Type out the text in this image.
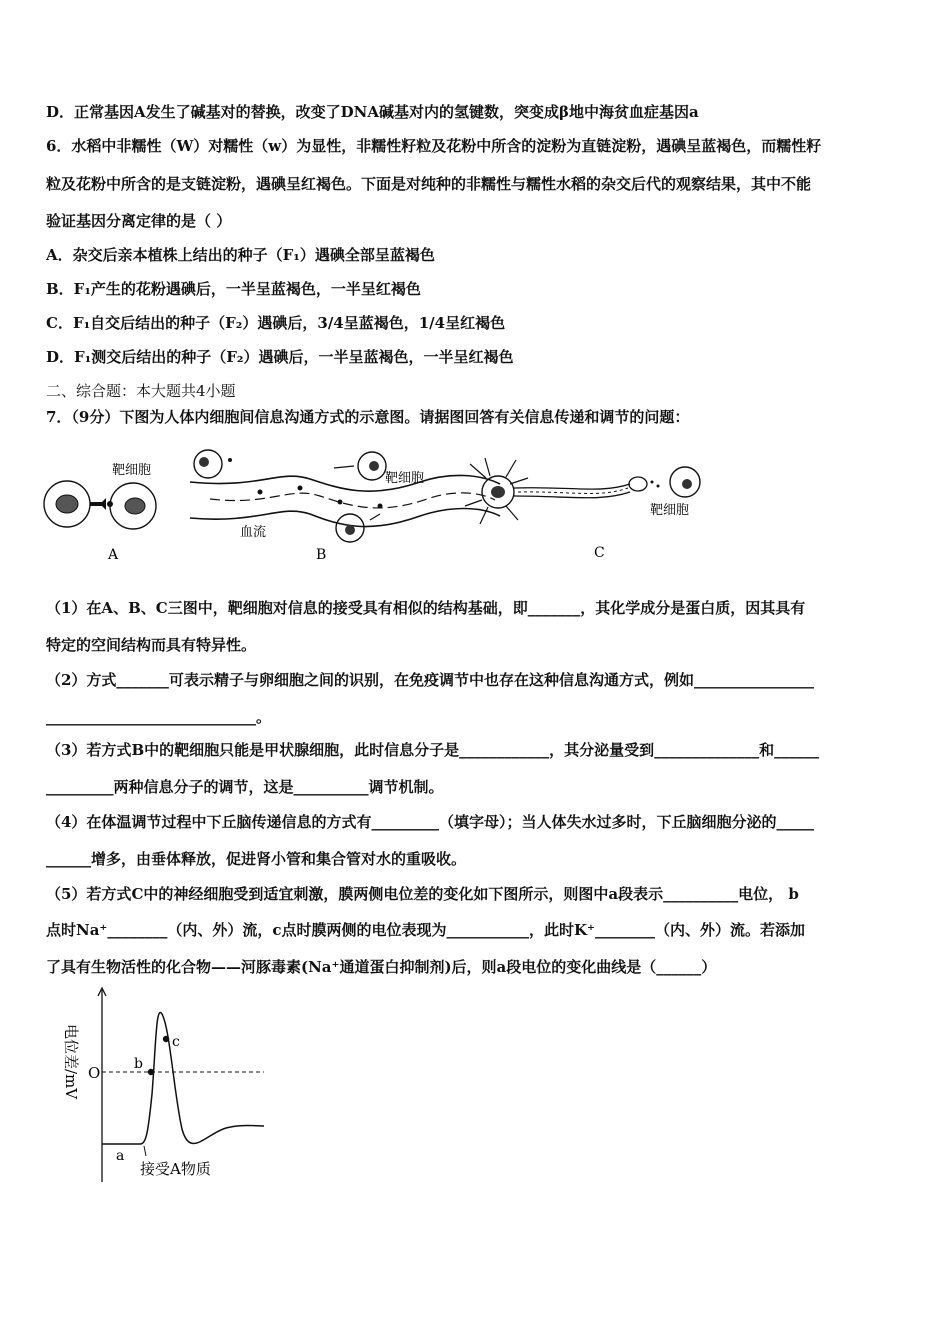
D．正常基因A发生了碱基对的替换，改变了DNA碱基对内的氢键数，突变成β地中海贫血症基因a
6．水稻中非糯性（W）对糯性（w）为显性，非糯性籽粒及花粉中所含的淀粉为直链淀粉，遇碘呈蓝褐色，而糯性籽
粒及花粉中所含的是支链淀粉，遇碘呈红褐色。下面是对纯种的非糯性与糯性水稻的杂交后代的观察结果，其中不能
验证基因分离定律的是（ ）
A．杂交后亲本植株上结出的种子（F₁）遇碘全部呈蓝褐色
B．F₁产生的花粉遇碘后，一半呈蓝褐色，一半呈红褐色
C．F₁自交后结出的种子（F₂）遇碘后，3/4呈蓝褐色，1/4呈红褐色
D．F₁测交后结出的种子（F₂）遇碘后，一半呈蓝褐色，一半呈红褐色
二、综合题：本大题共4小题
7．（9分）下图为人体内细胞间信息沟通方式的示意图。请据图回答有关信息传递和调节的问题：
靶细胞
A
靶细胞
血流
B
靶细胞
C
（1）在A、B、C三图中，靶细胞对信息的接受具有相似的结构基础，即_______，其化学成分是蛋白质，因其具有
特定的空间结构而具有特异性。
（2）方式_______可表示精子与卵细胞之间的识别，在免疫调节中也存在这种信息沟通方式，例如________________
____________________________。
（3）若方式B中的靶细胞只能是甲状腺细胞，此时信息分子是____________，其分泌量受到______________和______
_________两种信息分子的调节，这是__________调节机制。
（4）在体温调节过程中下丘脑传递信息的方式有_________（填字母）；当人体失水过多时，下丘脑细胞分泌的_____
______增多，由垂体释放，促进肾小管和集合管对水的重吸收。
（5）若方式C中的神经细胞受到适宜刺激，膜两侧电位差的变化如下图所示，则图中a段表示__________电位， b
点时Na⁺________（内、外）流，c点时膜两侧的电位表现为___________，此时K⁺________（内、外）流。若添加
了具有生物活性的化合物——河豚毒素(Na⁺通道蛋白抑制剂)后，则a段电位的变化曲线是（______）
b
c
O
a
接受A物质
电位差/mV
